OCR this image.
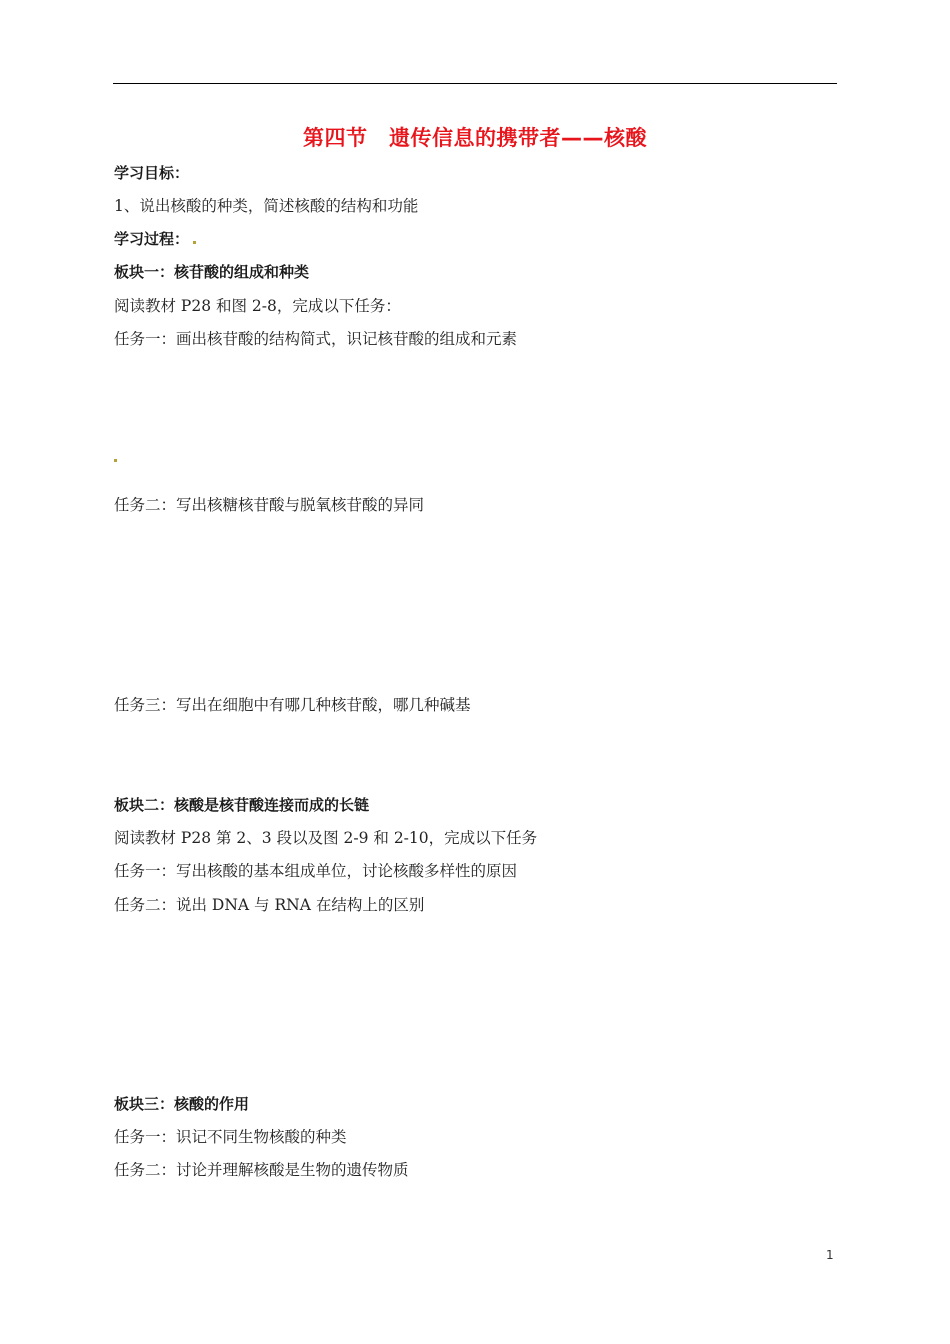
第四节　遗传信息的携带者——核酸
学习目标：
1、说出核酸的种类，简述核酸的结构和功能
学习过程：
板块一：核苷酸的组成和种类
阅读教材 P28 和图 2-8，完成以下任务：
任务一：画出核苷酸的结构简式，识记核苷酸的组成和元素
任务二：写出核糖核苷酸与脱氧核苷酸的异同
任务三：写出在细胞中有哪几种核苷酸，哪几种碱基
板块二：核酸是核苷酸连接而成的长链
阅读教材 P28 第 2、3 段以及图 2-9 和 2-10，完成以下任务
任务一：写出核酸的基本组成单位，讨论核酸多样性的原因
任务二：说出 DNA 与 RNA 在结构上的区别
板块三：核酸的作用
任务一：识记不同生物核酸的种类
任务二：讨论并理解核酸是生物的遗传物质
1
